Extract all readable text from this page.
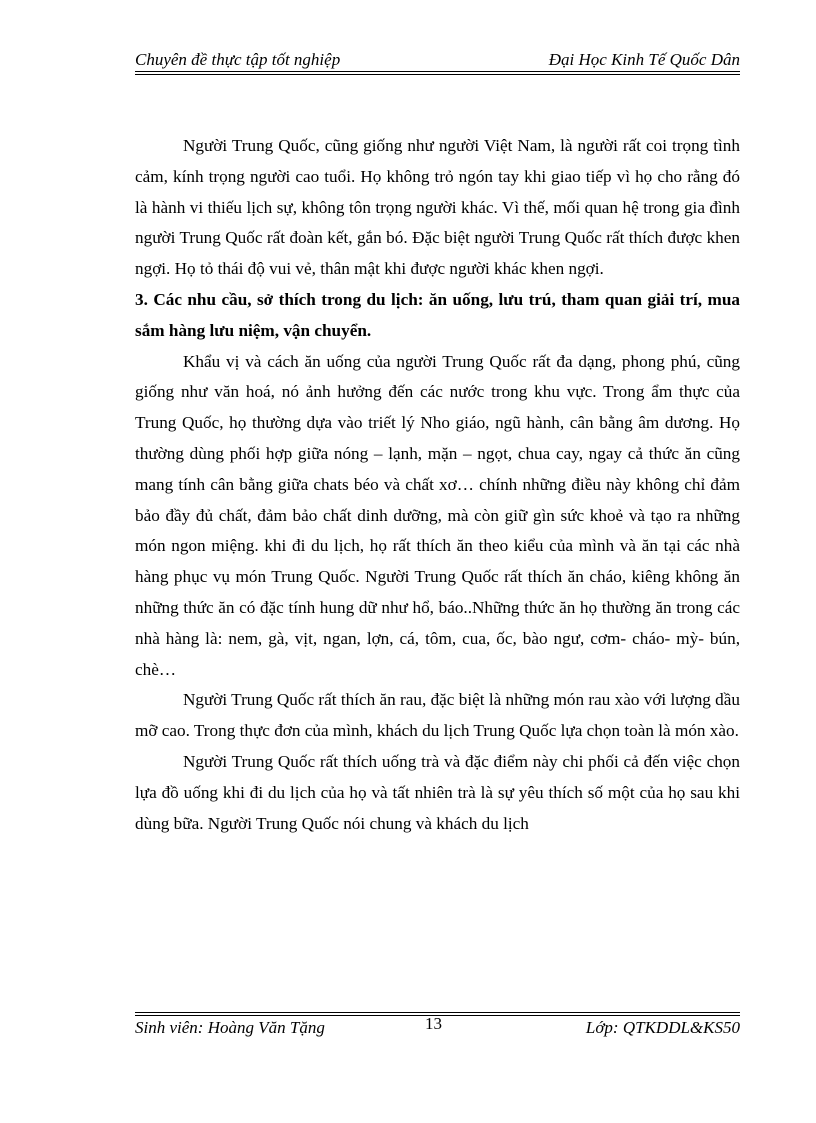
Chuyên đề thực tập tốt nghiệp	Đại Học Kinh Tế Quốc Dân

Người Trung Quốc, cũng giống như người Việt Nam, là người rất coi trọng tình cảm, kính trọng người cao tuổi. Họ không trỏ ngón tay khi giao tiếp vì họ cho rằng đó là hành vi thiếu lịch sự, không tôn trọng người khác. Vì thế, mối quan hệ trong gia đình người Trung Quốc rất đoàn kết, gắn bó. Đặc biệt người Trung Quốc rất thích được khen ngợi. Họ tỏ thái độ vui vẻ, thân mật khi được người khác khen ngợi.

3. Các nhu cầu, sở thích trong du lịch: ăn uống, lưu trú, tham quan giải trí, mua sắm hàng lưu niệm, vận chuyển.

Khẩu vị và cách ăn uống của người Trung Quốc rất đa dạng, phong phú, cũng giống như văn hoá, nó ảnh hưởng đến các nước trong khu vực. Trong ẩm thực của Trung Quốc, họ thường dựa vào triết lý Nho giáo, ngũ hành, cân bằng âm dương. Họ thường dùng phối hợp giữa nóng – lạnh, mặn – ngọt, chua cay, ngay cả thức ăn cũng mang tính cân bằng giữa chats béo và chất xơ… chính những điều này không chỉ đảm bảo đầy đủ chất, đảm bảo chất dinh dưỡng, mà còn giữ gìn sức khoẻ và tạo ra những món ngon miệng. khi đi du lịch, họ rất thích ăn theo kiểu của mình và ăn tại các nhà hàng phục vụ món Trung Quốc. Người Trung Quốc rất thích ăn cháo, kiêng không ăn những thức ăn có đặc tính hung dữ như hổ, báo..Những thức ăn họ thường ăn trong các nhà hàng là: nem, gà, vịt, ngan, lợn, cá, tôm, cua, ốc, bào ngư, cơm- cháo- mỳ- bún, chè…

Người Trung Quốc rất thích ăn rau, đặc biệt là những món rau xào với lượng dầu mỡ cao. Trong thực đơn của mình, khách du lịch Trung Quốc lựa chọn toàn là món xào.

Người Trung Quốc rất thích uống trà và đặc điểm này chi phối cả đến việc chọn lựa đồ uống khi đi du lịch của họ và tất nhiên trà là sự yêu thích số một của họ sau khi dùng bữa. Người Trung Quốc nói chung và khách du lịch

Sinh viên: Hoàng Văn Tặng	13	Lớp: QTKDDL&KS50
